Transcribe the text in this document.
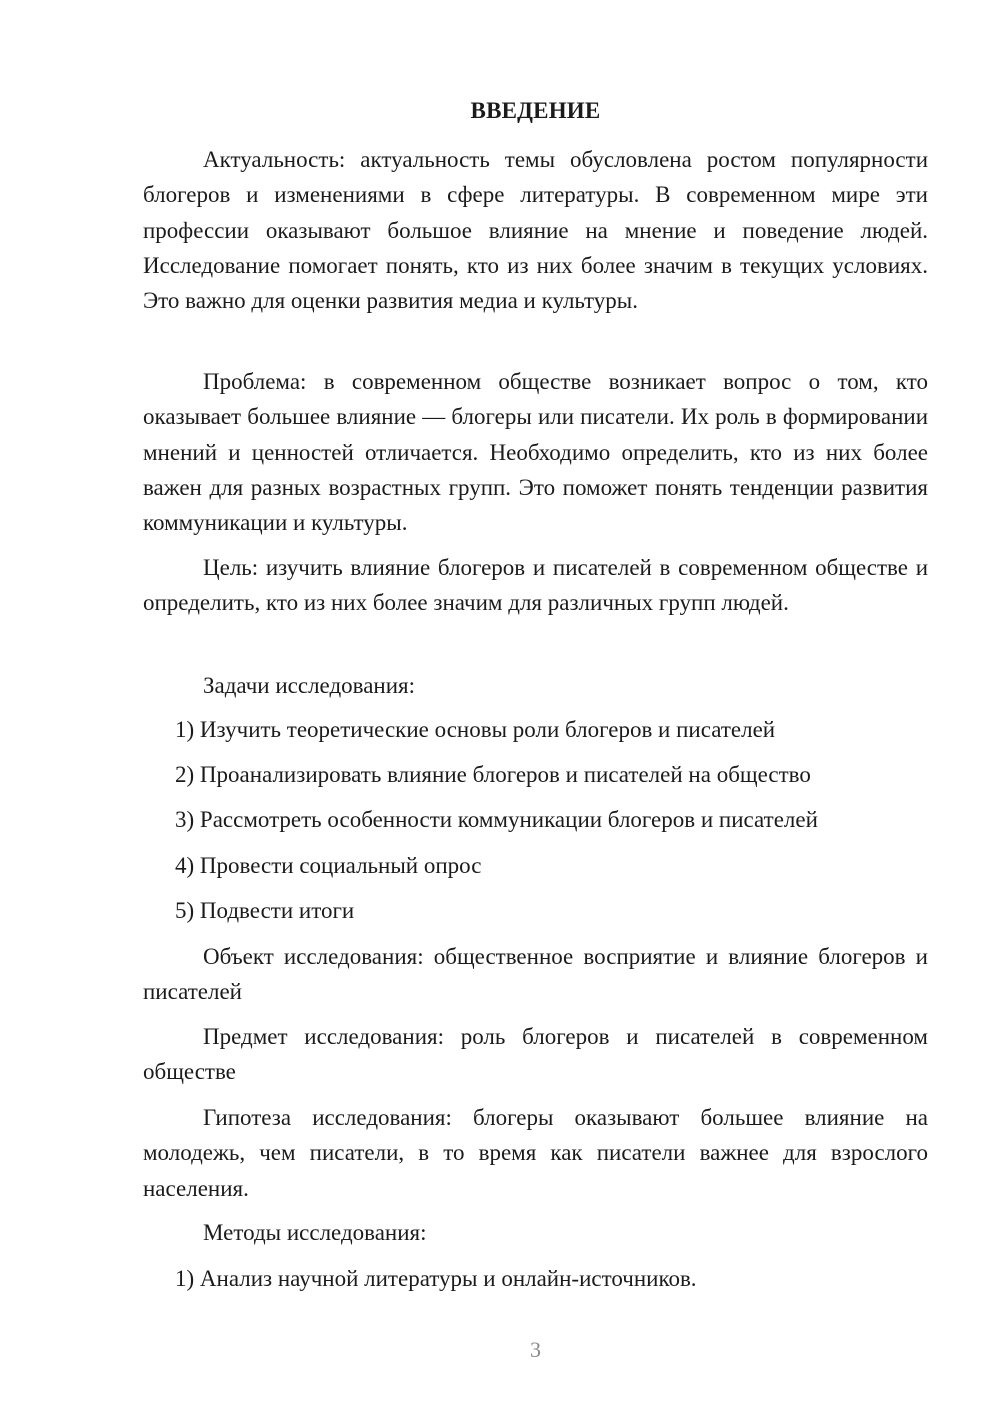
ВВЕДЕНИЕ

Актуальность: актуальность темы обусловлена ростом популярности блогеров и изменениями в сфере литературы. В современном мире эти профессии оказывают большое влияние на мнение и поведение людей. Исследование помогает понять, кто из них более значим в текущих условиях. Это важно для оценки развития медиа и культуры.

Проблема: в современном обществе возникает вопрос о том, кто оказывает большее влияние — блогеры или писатели. Их роль в формировании мнений и ценностей отличается. Необходимо определить, кто из них более важен для разных возрастных групп. Это поможет понять тенденции развития коммуникации и культуры.

Цель: изучить влияние блогеров и писателей в современном обществе и определить, кто из них более значим для различных групп людей.

Задачи исследования:

1) Изучить теоретические основы роли блогеров и писателей

2) Проанализировать влияние блогеров и писателей на общество

3) Рассмотреть особенности коммуникации блогеров и писателей

4) Провести социальный опрос

5) Подвести итоги

Объект исследования: общественное восприятие и влияние блогеров и писателей

Предмет исследования: роль блогеров и писателей в современном обществе

Гипотеза исследования: блогеры оказывают большее влияние на молодежь, чем писатели, в то время как писатели важнее для взрослого населения.

Методы исследования:

1) Анализ научной литературы и онлайн-источников.

3
